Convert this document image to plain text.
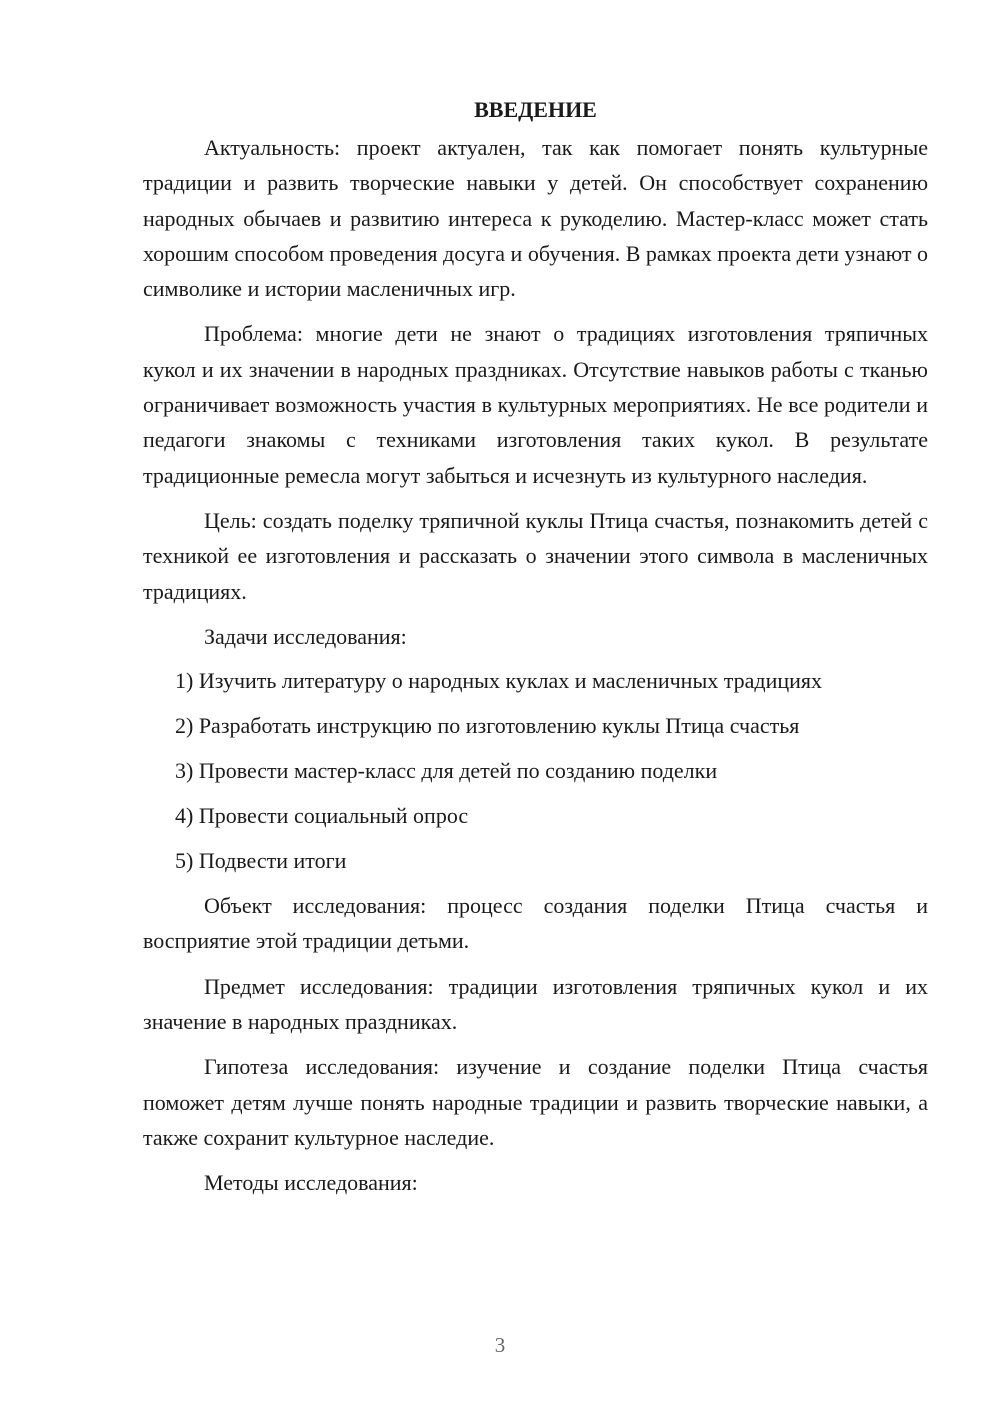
ВВЕДЕНИЕ

Актуальность: проект актуален, так как помогает понять культурные традиции и развить творческие навыки у детей. Он способствует сохранению народных обычаев и развитию интереса к рукоделию. Мастер-класс может стать хорошим способом проведения досуга и обучения. В рамках проекта дети узнают о символике и истории масленичных игр.

Проблема: многие дети не знают о традициях изготовления тряпичных кукол и их значении в народных праздниках. Отсутствие навыков работы с тканью ограничивает возможность участия в культурных мероприятиях. Не все родители и педагоги знакомы с техниками изготовления таких кукол. В результате традиционные ремесла могут забыться и исчезнуть из культурного наследия.

Цель: создать поделку тряпичной куклы Птица счастья, познакомить детей с техникой ее изготовления и рассказать о значении этого символа в масленичных традициях.

Задачи исследования:

1) Изучить литературу о народных куклах и масленичных традициях
2) Разработать инструкцию по изготовлению куклы Птица счастья
3) Провести мастер-класс для детей по созданию поделки
4) Провести социальный опрос
5) Подвести итоги

Объект исследования: процесс создания поделки Птица счастья и восприятие этой традиции детьми.

Предмет исследования: традиции изготовления тряпичных кукол и их значение в народных праздниках.

Гипотеза исследования: изучение и создание поделки Птица счастья поможет детям лучше понять народные традиции и развить творческие навыки, а также сохранит культурное наследие.

Методы исследования:

3
